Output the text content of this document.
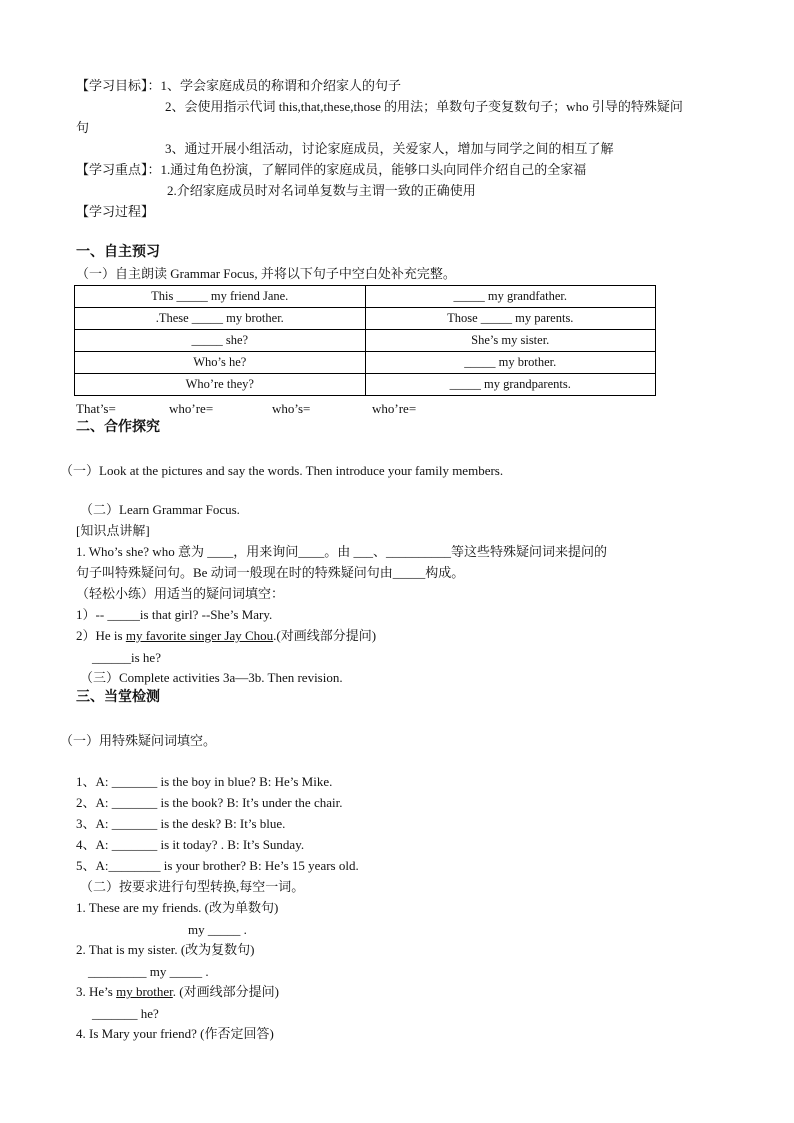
【学习目标】：1、学会家庭成员的称谓和介绍家人的句子
2、会使用指示代词 this,that,these,those 的用法；单数句子变复数句子；who 引导的特殊疑问
句
3、通过开展小组活动，讨论家庭成员，关爱家人，增加与同学之间的相互了解
【学习重点】：1.通过角色扮演，了解同伴的家庭成员，能够口头向同伴介绍自己的全家福
2.介绍家庭成员时对名词单复数与主谓一致的正确使用
【学习过程】
一、自主预习
（一）自主朗读 Grammar Focus, 并将以下句子中空白处补充完整。
This _____ my friend Jane.	_____ my grandfather.
.These _____ my brother.	Those _____ my parents.
_____ she?	She’s my sister.
Who’s he?	_____ my brother.
Who’re they?	_____ my grandparents.
That’s=	who’re=	who’s=	who’re=
二、合作探究
（一）Look at the pictures and say the words. Then introduce your family members.
（二）Learn Grammar Focus.
[知识点讲解]
1. Who’s she? who 意为 ____，用来询问____。由 ___、__________等这些特殊疑问词来提问的
句子叫特殊疑问句。Be 动词一般现在时的特殊疑问句由_____构成。
（轻松小练）用适当的疑问词填空：
1）-- _____is that girl? --She’s Mary.
2）He is my favorite singer Jay Chou.(对画线部分提问)
______is he?
（三）Complete activities 3a—3b. Then revision.
三、当堂检测
（一）用特殊疑问词填空。
1、A: _______ is the boy in blue? B: He’s Mike.
2、A: _______ is the book? B: It’s under the chair.
3、A: _______ is the desk? B: It’s blue.
4、A: _______ is it today? . B: It’s Sunday.
5、A:________ is your brother? B: He’s 15 years old.
（二）按要求进行句型转换,每空一词。
1. These are my friends. (改为单数句)
my _____ .
2. That is my sister. (改为复数句)
_________ my _____ .
3. He’s my brother. (对画线部分提问)
_______ he?
4. Is Mary your friend? (作否定回答)
